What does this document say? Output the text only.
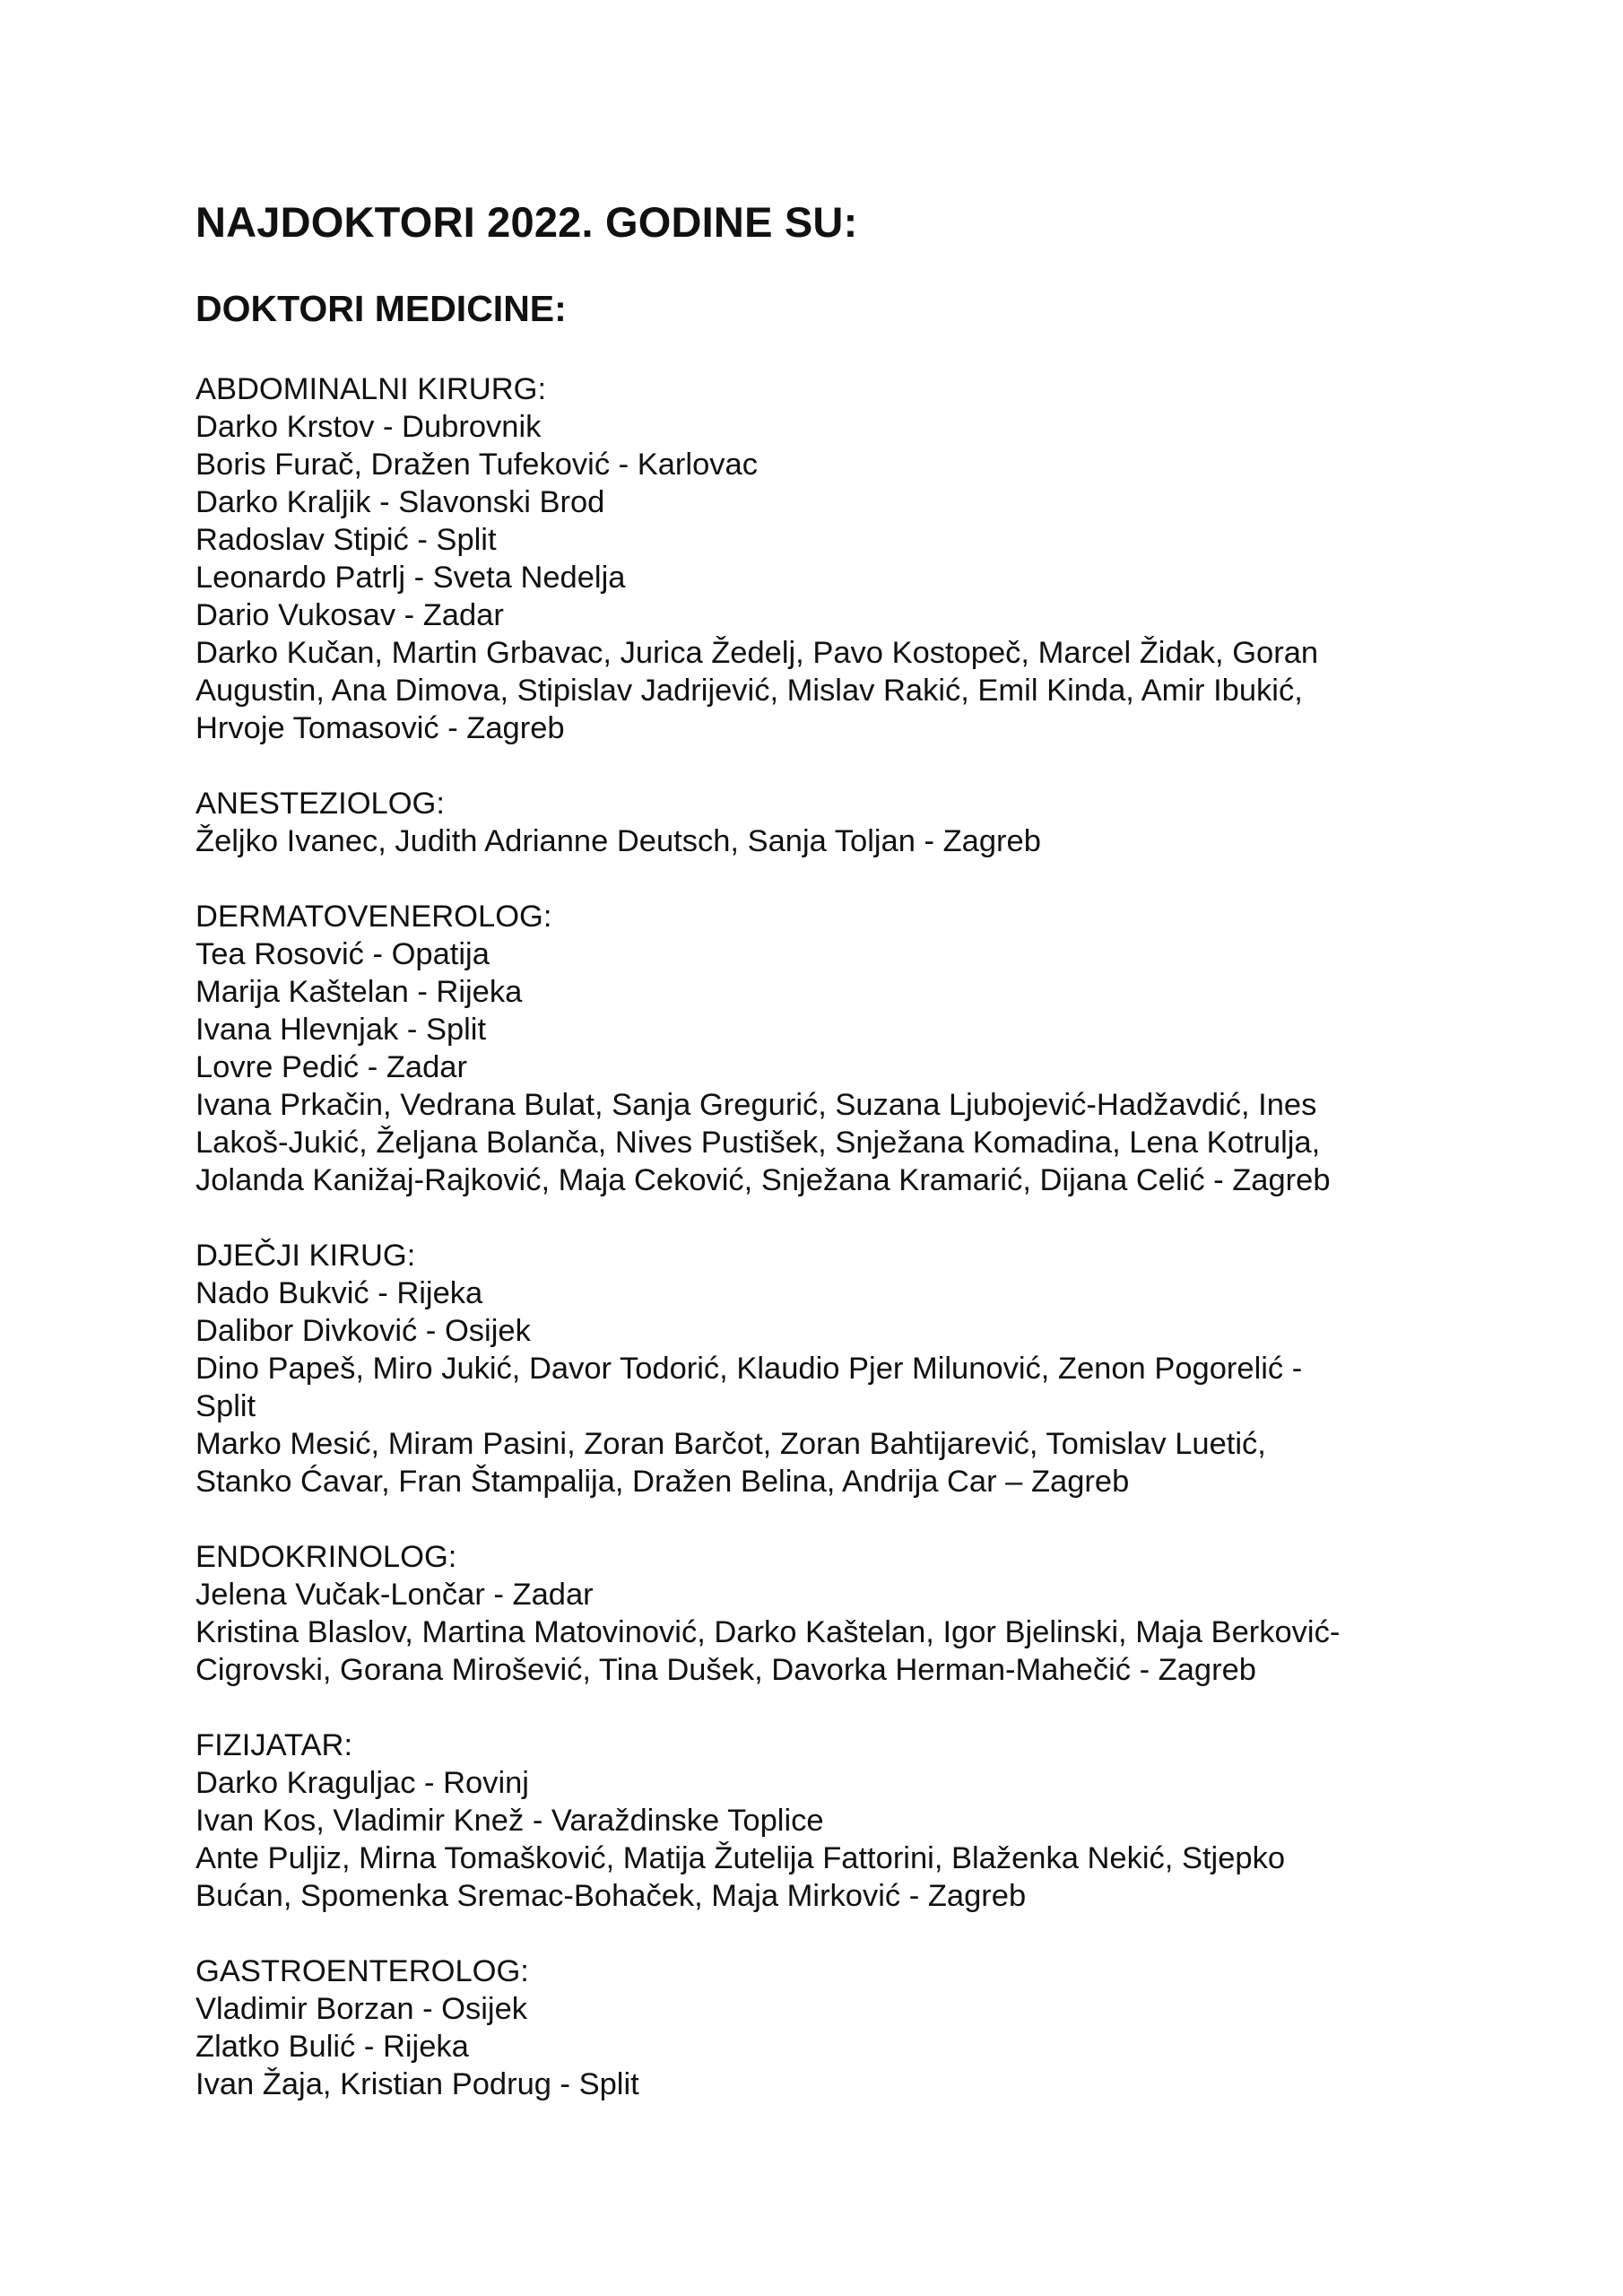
NAJDOKTORI 2022. GODINE SU:
DOKTORI MEDICINE:
ABDOMINALNI KIRURG:
Darko Krstov - Dubrovnik
Boris Furač, Dražen Tufeković - Karlovac
Darko Kraljik - Slavonski Brod
Radoslav Stipić - Split
Leonardo Patrlj - Sveta Nedelja
Dario Vukosav - Zadar
Darko Kučan, Martin Grbavac, Jurica Žedelj, Pavo Kostopeč, Marcel Židak, Goran
Augustin, Ana Dimova, Stipislav Jadrijević, Mislav Rakić, Emil Kinda, Amir Ibukić,
Hrvoje Tomasović - Zagreb
ANESTEZIOLOG:
Željko Ivanec, Judith Adrianne Deutsch, Sanja Toljan - Zagreb
DERMATOVENEROLOG:
Tea Rosović - Opatija
Marija Kaštelan - Rijeka
Ivana Hlevnjak - Split
Lovre Pedić - Zadar
Ivana Prkačin, Vedrana Bulat, Sanja Gregurić, Suzana Ljubojević-Hadžavdić, Ines
Lakoš-Jukić, Željana Bolanča, Nives Pustišek, Snježana Komadina, Lena Kotrulja,
Jolanda Kanižaj-Rajković, Maja Ceković, Snježana Kramarić, Dijana Celić - Zagreb
DJEČJI KIRUG:
Nado Bukvić - Rijeka
Dalibor Divković - Osijek
Dino Papeš, Miro Jukić, Davor Todorić, Klaudio Pjer Milunović, Zenon Pogorelić -
Split
Marko Mesić, Miram Pasini, Zoran Barčot, Zoran Bahtijarević, Tomislav Luetić,
Stanko Ćavar, Fran Štampalija, Dražen Belina, Andrija Car – Zagreb
ENDOKRINOLOG:
Jelena Vučak-Lončar - Zadar
Kristina Blaslov, Martina Matovinović, Darko Kaštelan, Igor Bjelinski, Maja Berković-
Cigrovski, Gorana Mirošević, Tina Dušek, Davorka Herman-Mahečić - Zagreb
FIZIJATAR:
Darko Kraguljac - Rovinj
Ivan Kos, Vladimir Knež - Varaždinske Toplice
Ante Puljiz, Mirna Tomašković, Matija Žutelija Fattorini, Blaženka Nekić, Stjepko
Bućan, Spomenka Sremac-Bohaček, Maja Mirković - Zagreb
GASTROENTEROLOG:
Vladimir Borzan - Osijek
Zlatko Bulić - Rijeka
Ivan Žaja, Kristian Podrug - Split
